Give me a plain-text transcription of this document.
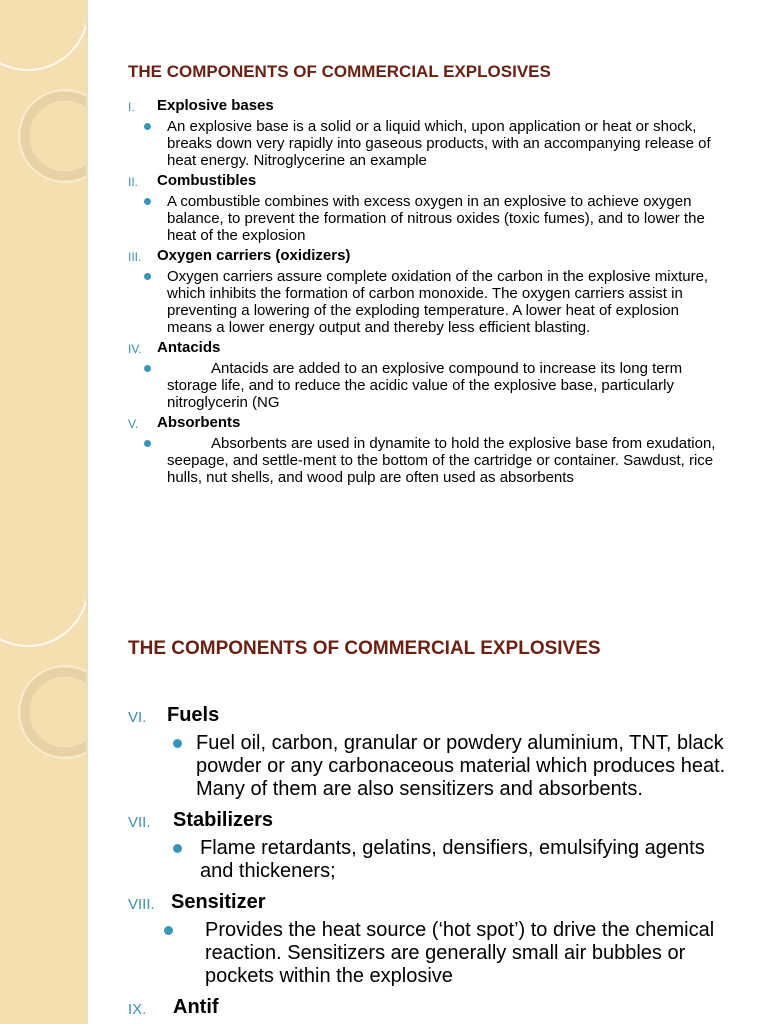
THE COMPONENTS OF COMMERCIAL EXPLOSIVES
I. Explosive bases
An explosive base is a solid or a liquid which, upon application or heat or shock, breaks down very rapidly into gaseous products, with an accompanying release of heat energy. Nitroglycerine an example
II. Combustibles
A combustible combines with excess oxygen in an explosive to achieve oxygen balance, to prevent the formation of nitrous oxides (toxic fumes), and to lower the heat of the explosion
III. Oxygen carriers (oxidizers)
Oxygen carriers assure complete oxidation of the carbon in the explosive mixture, which inhibits the formation of carbon monoxide. The oxygen carriers assist in preventing a lowering of the exploding temperature. A lower heat of explosion means a lower energy output and thereby less efficient blasting.
IV. Antacids
Antacids are added to an explosive compound to increase its long term storage life, and to reduce the acidic value of the explosive base, particularly nitroglycerin (NG
V. Absorbents
Absorbents are used in dynamite to hold the explosive base from exudation, seepage, and settle-ment to the bottom of the cartridge or container. Sawdust, rice hulls, nut shells, and wood pulp are often used as absorbents
THE COMPONENTS OF COMMERCIAL EXPLOSIVES
VI. Fuels
Fuel oil, carbon, granular or powdery aluminium, TNT, black powder or any carbonaceous material which produces heat. Many of them are also sensitizers and absorbents.
VII. Stabilizers
Flame retardants, gelatins, densifiers, emulsifying agents and thickeners;
VIII. Sensitizer
Provides the heat source (‘hot spot’) to drive the chemical reaction. Sensitizers are generally small air bubbles or pockets within the explosive
IX. Antif
